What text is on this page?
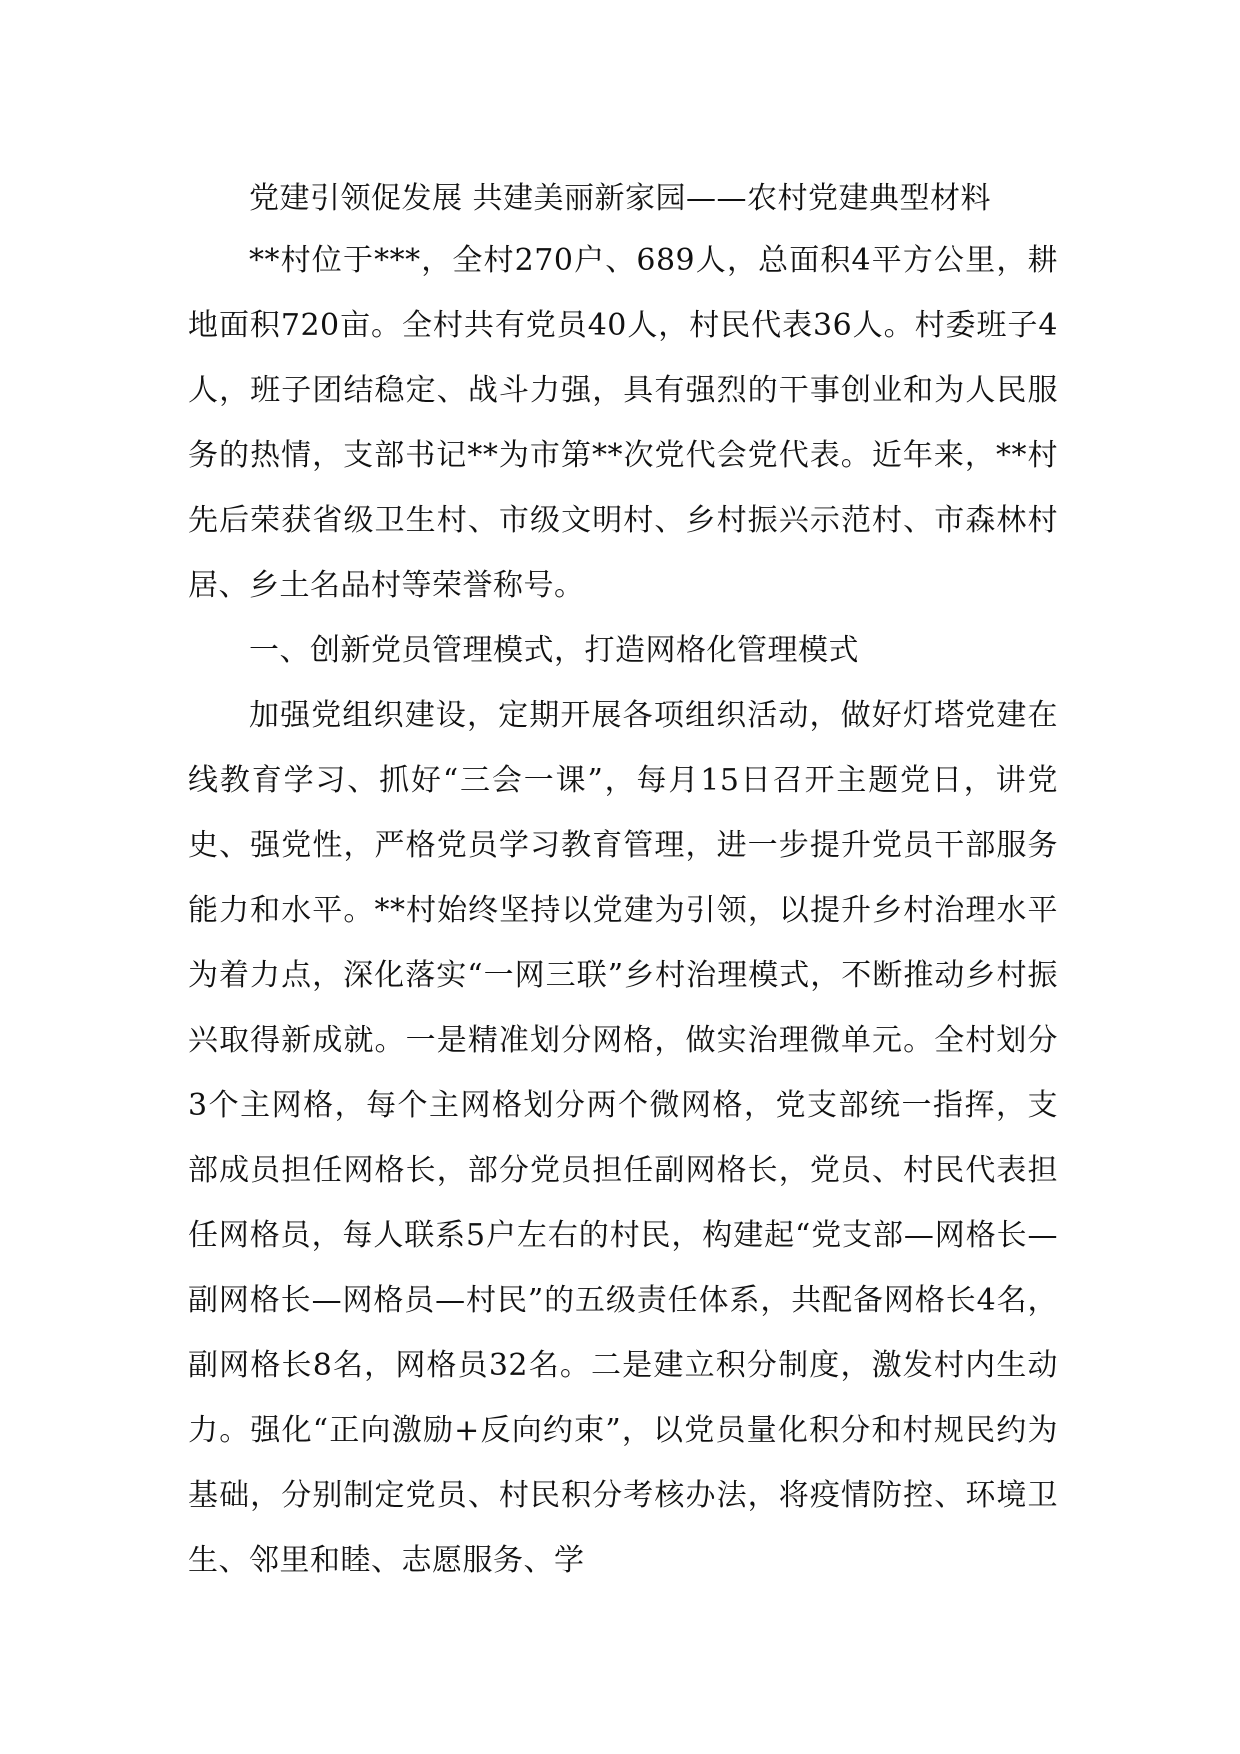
党建引领促发展 共建美丽新家园——农村党建典型材料

**村位于***，全村270户、689人，总面积4平方公里，耕地面积720亩。全村共有党员40人，村民代表36人。村委班子4人，班子团结稳定、战斗力强，具有强烈的干事创业和为人民服务的热情，支部书记**为市第**次党代会党代表。近年来，**村先后荣获省级卫生村、市级文明村、乡村振兴示范村、市森林村居、乡土名品村等荣誉称号。

一、创新党员管理模式，打造网格化管理模式

加强党组织建设，定期开展各项组织活动，做好灯塔党建在线教育学习、抓好“三会一课”，每月15日召开主题党日，讲党史、强党性，严格党员学习教育管理，进一步提升党员干部服务能力和水平。**村始终坚持以党建为引领，以提升乡村治理水平为着力点，深化落实“一网三联”乡村治理模式，不断推动乡村振兴取得新成就。一是精准划分网格，做实治理微单元。全村划分3个主网格，每个主网格划分两个微网格，党支部统一指挥，支部成员担任网格长，部分党员担任副网格长，党员、村民代表担任网格员，每人联系5户左右的村民，构建起“党支部—网格长—副网格长—网格员—村民”的五级责任体系，共配备网格长4名，副网格长8名，网格员32名。二是建立积分制度，激发村内生动力。强化“正向激励+反向约束”，以党员量化积分和村规民约为基础，分别制定党员、村民积分考核办法，将疫情防控、环境卫生、邻里和睦、志愿服务、学
